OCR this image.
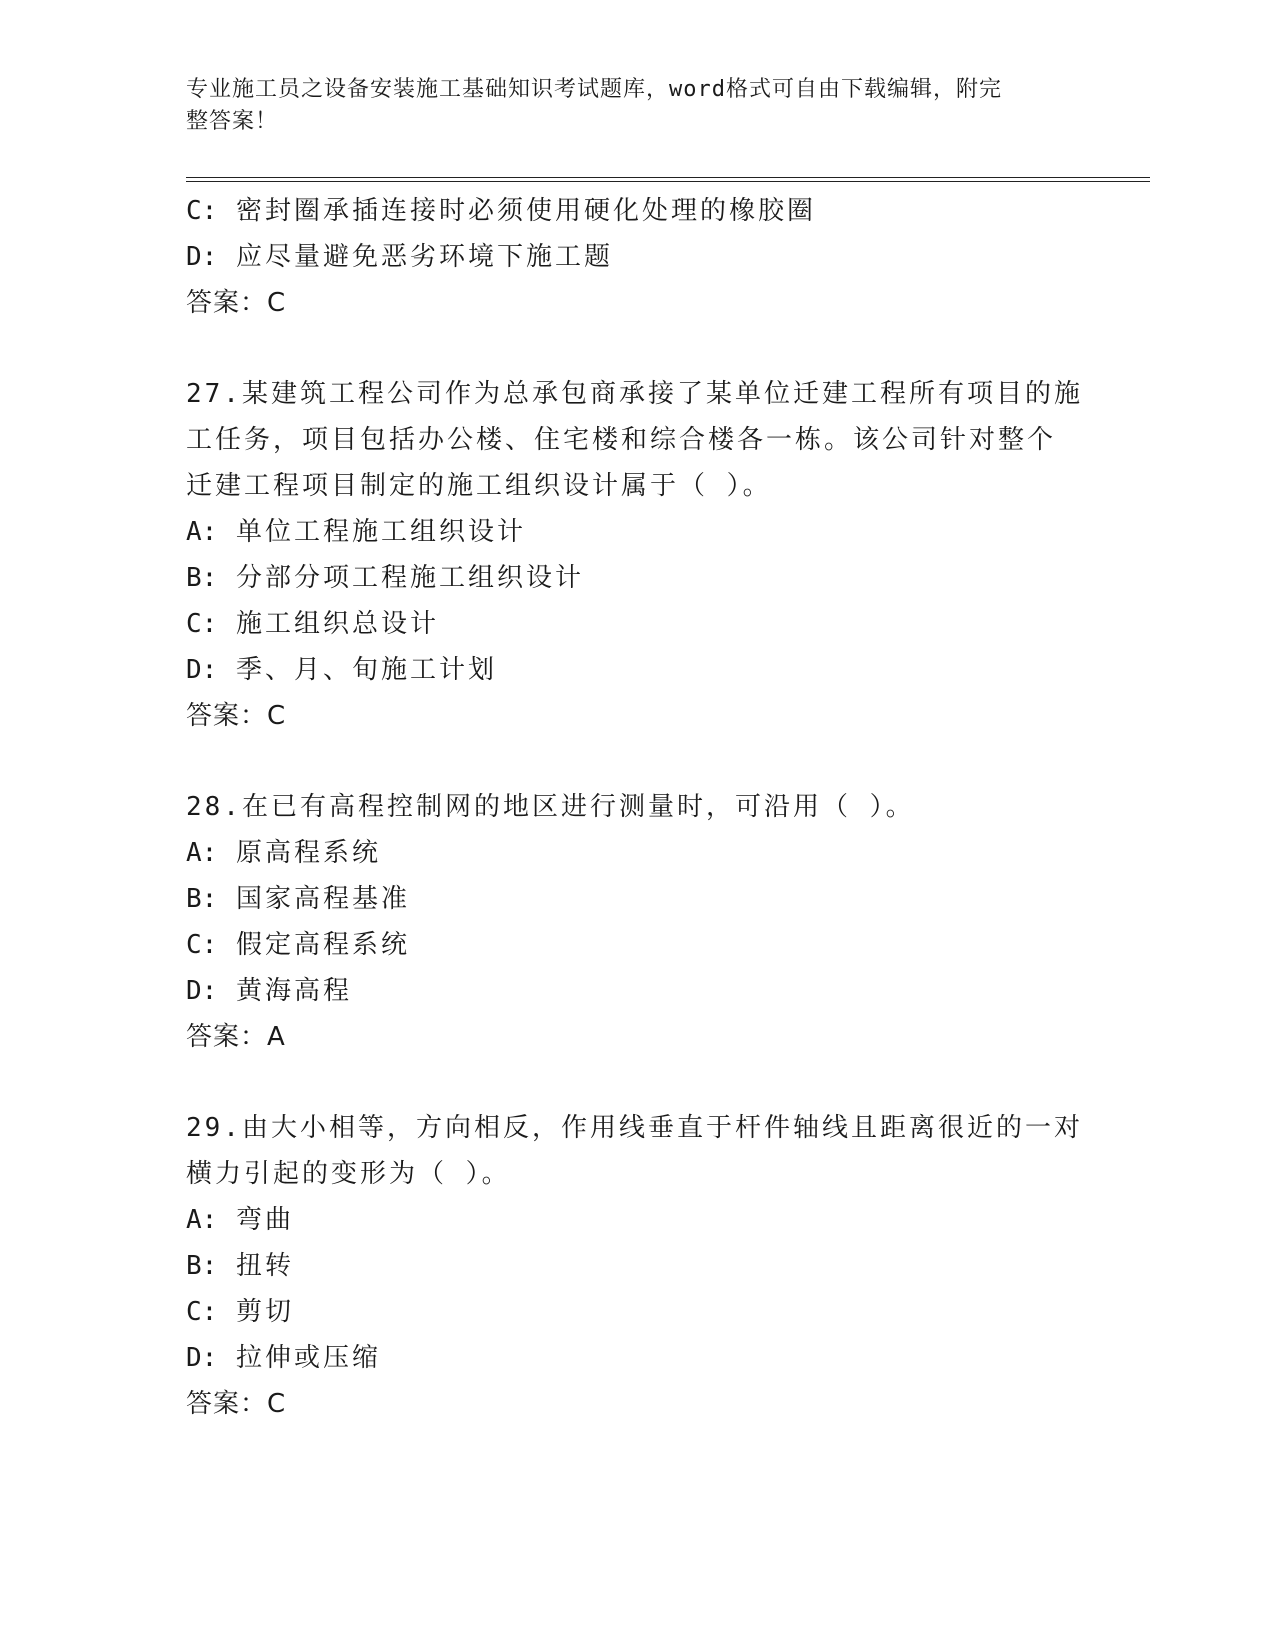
专业施工员之设备安装施工基础知识考试题库，word格式可自由下载编辑，附完
整答案！
C: 密封圈承插连接时必须使用硬化处理的橡胶圈
D: 应尽量避免恶劣环境下施工题
答案：C
27.某建筑工程公司作为总承包商承接了某单位迁建工程所有项目的施
工任务，项目包括办公楼、住宅楼和综合楼各一栋。该公司针对整个
迁建工程项目制定的施工组织设计属于（ ）。
A: 单位工程施工组织设计
B: 分部分项工程施工组织设计
C: 施工组织总设计
D: 季、月、旬施工计划
答案：C
28.在已有高程控制网的地区进行测量时，可沿用（ ）。
A: 原高程系统
B: 国家高程基准
C: 假定高程系统
D: 黄海高程
答案：A
29.由大小相等，方向相反，作用线垂直于杆件轴线且距离很近的一对
横力引起的变形为（ ）。
A: 弯曲
B: 扭转
C: 剪切
D: 拉伸或压缩
答案：C
